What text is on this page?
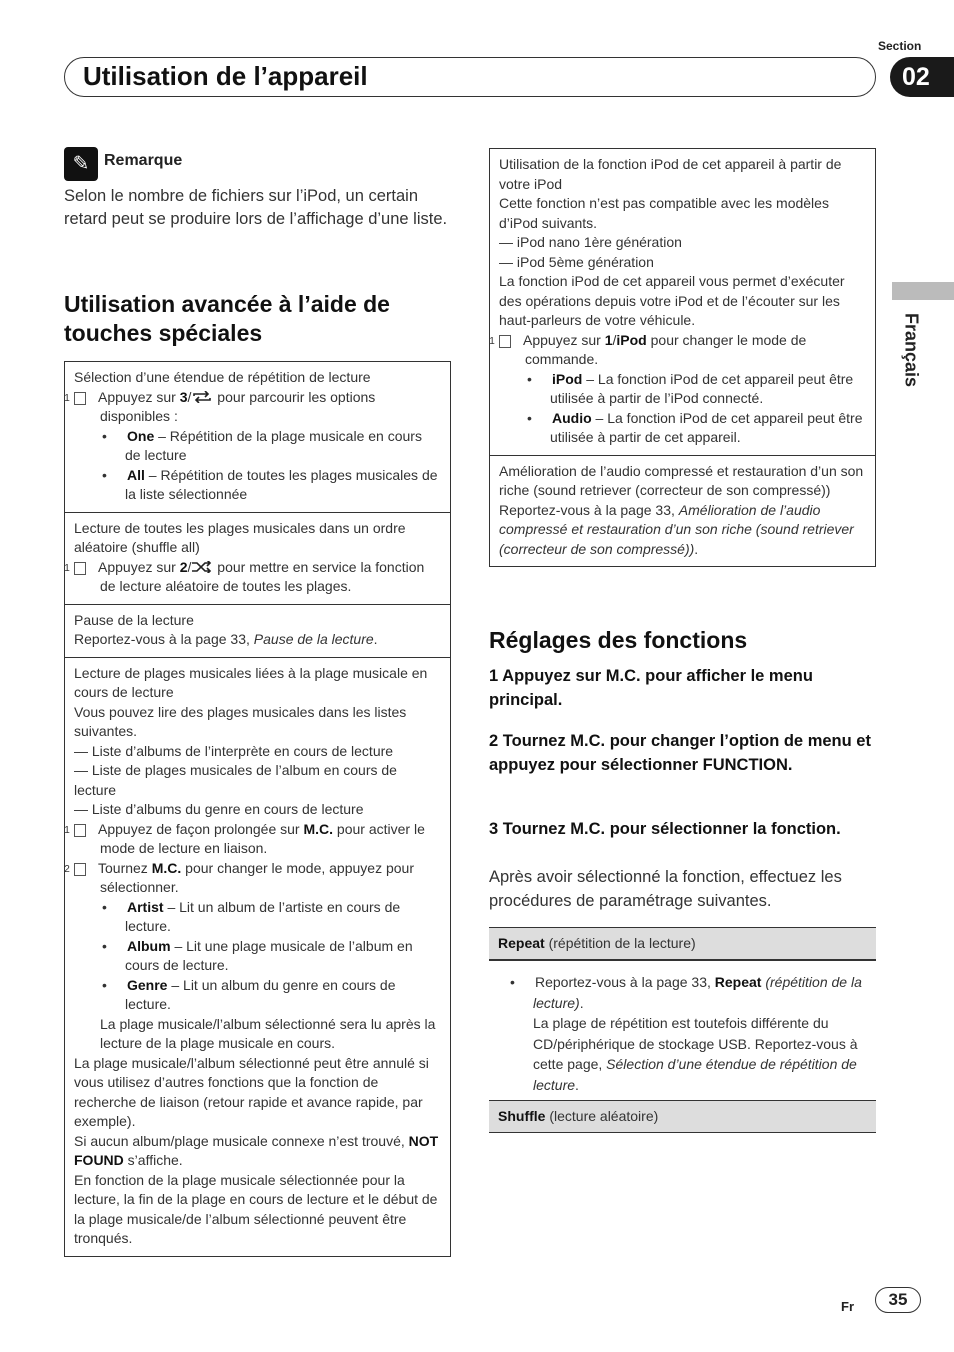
Section
Utilisation de l’appareil	02
Français
✎ Remarque

Selon le nombre de fichiers sur l’iPod, un certain retard peut se produire lors de l’affichage d’une liste.

Utilisation avancée à l’aide de
touches spéciales

Sélection d’une étendue de répétition de lecture

1 Appuyez sur 3/ pour parcourir les options disponibles :

• One – Répétition de la plage musicale en cours de lecture

• All – Répétition de toutes les plages musicales de la liste sélectionnée

Lecture de toutes les plages musicales dans un ordre aléatoire (shuffle all)

1 Appuyez sur 2/ pour mettre en service la fonction de lecture aléatoire de toutes les plages.

Pause de la lecture

Reportez-vous à la page 33, Pause de la lecture.

Lecture de plages musicales liées à la plage musicale en cours de lecture

Vous pouvez lire des plages musicales dans les listes suivantes.

— Liste d’albums de l’interprète en cours de lecture

— Liste de plages musicales de l’album en cours de lecture

— Liste d’albums du genre en cours de lecture

1 Appuyez de façon prolongée sur M.C. pour activer le mode de lecture en liaison.

2 Tournez M.C. pour changer le mode, appuyez pour sélectionner.

• Artist – Lit un album de l’artiste en cours de lecture.

• Album – Lit une plage musicale de l’album en cours de lecture.

• Genre – Lit un album du genre en cours de lecture.

La plage musicale/l’album sélectionné sera lu après la lecture de la plage musicale en cours.

La plage musicale/l’album sélectionné peut être annulé si vous utilisez d’autres fonctions que la fonction de recherche de liaison (retour rapide et avance rapide, par exemple).

Si aucun album/plage musicale connexe n’est trouvé, NOT FOUND s’affiche.

En fonction de la plage musicale sélectionnée pour la lecture, la fin de la plage en cours de lecture et le début de la plage musicale/de l’album sélectionné peuvent être tronqués.

Utilisation de la fonction iPod de cet appareil à partir de votre iPod

Cette fonction n’est pas compatible avec les modèles d’iPod suivants.

— iPod nano 1ère génération

— iPod 5ème génération

La fonction iPod de cet appareil vous permet d’exécuter des opérations depuis votre iPod et de l’écouter sur les haut-parleurs de votre véhicule.

1 Appuyez sur 1/iPod pour changer le mode de commande.

• iPod – La fonction iPod de cet appareil peut être utilisée à partir de l’iPod connecté.

• Audio – La fonction iPod de cet appareil peut être utilisée à partir de cet appareil.

Amélioration de l’audio compressé et restauration d’un son riche (sound retriever (correcteur de son compressé))

Reportez-vous à la page 33, Amélioration de l’audio compressé et restauration d’un son riche (sound retriever (correcteur de son compressé)).

Réglages des fonctions

1 Appuyez sur M.C. pour afficher le menu principal.

2 Tournez M.C. pour changer l’option de menu et appuyez pour sélectionner FUNCTION.

3 Tournez M.C. pour sélectionner la fonction.

Après avoir sélectionné la fonction, effectuez les procédures de paramétrage suivantes.

Repeat (répétition de la lecture)

• Reportez-vous à la page 33, Repeat (répétition de la lecture).

La plage de répétition est toutefois différente du CD/périphérique de stockage USB. Reportez-vous à cette page, Sélection d’une étendue de répétition de lecture.

Shuffle (lecture aléatoire)
Fr	35
